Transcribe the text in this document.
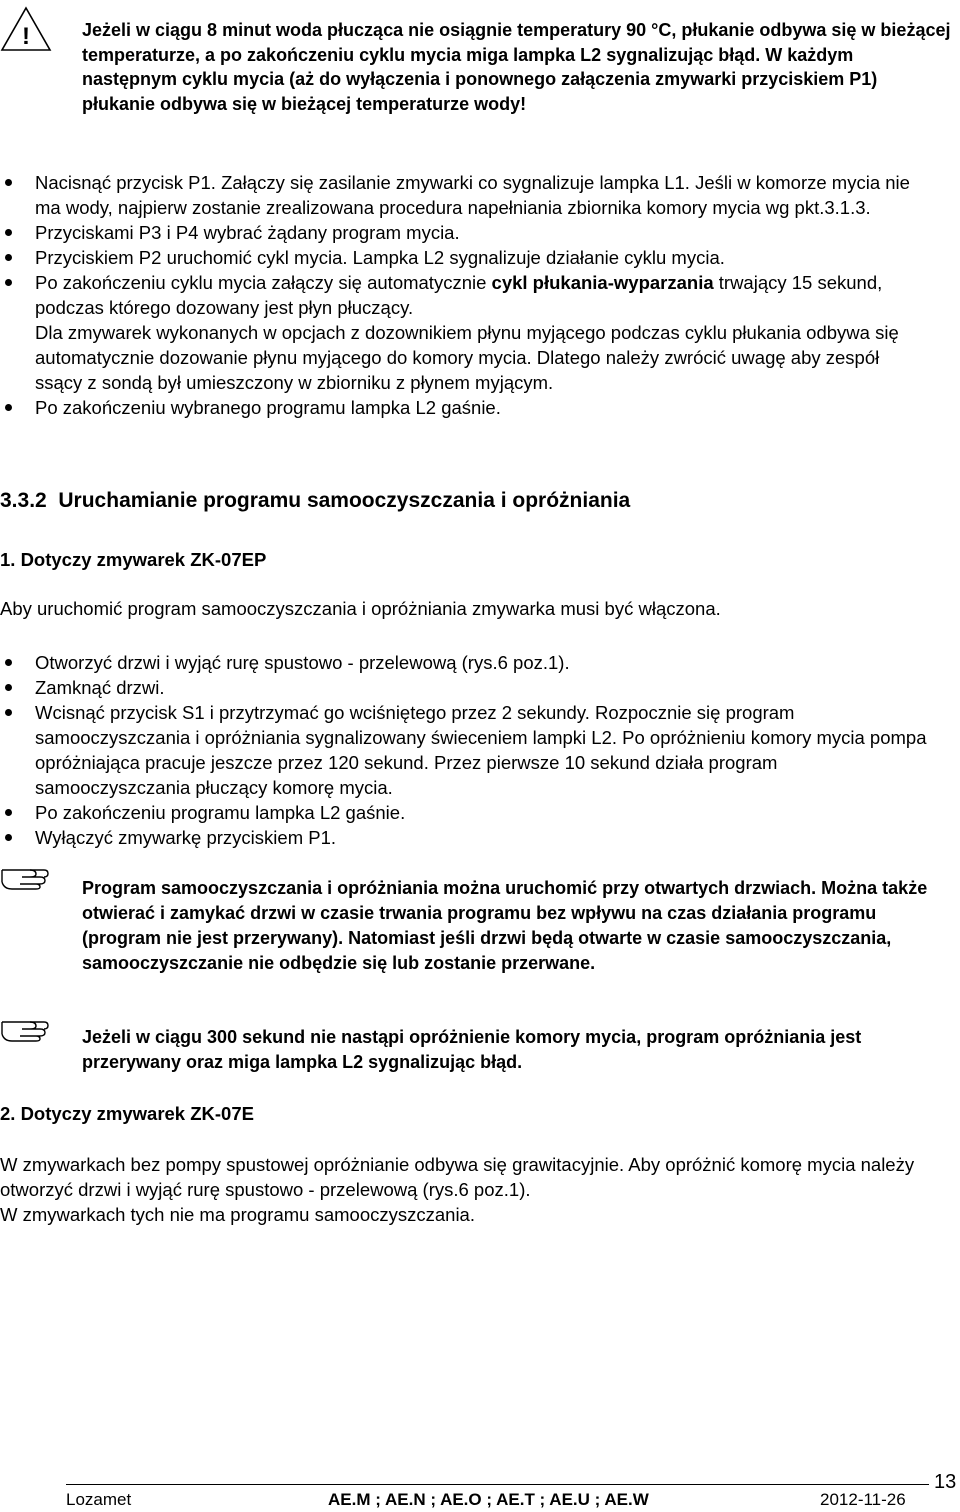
!	Jeżeli w ciągu 8 minut woda płucząca nie osiągnie temperatury 90 °C, płukanie odbywa się w bieżącej temperaturze, a po zakończeniu cyklu mycia miga lampka L2 sygnalizując błąd. W każdym następnym cyklu mycia (aż do wyłączenia i ponownego załączenia zmywarki przyciskiem P1) płukanie odbywa się w bieżącej temperaturze wody!
Nacisnąć przycisk P1. Załączy się zasilanie zmywarki co sygnalizuje lampka L1. Jeśli w komorze mycia nie ma wody, najpierw zostanie zrealizowana procedura napełniania zbiornika komory mycia wg pkt.3.1.3.
Przyciskami P3 i P4 wybrać żądany program mycia.
Przyciskiem P2 uruchomić cykl mycia. Lampka L2 sygnalizuje działanie cyklu mycia.
Po zakończeniu cyklu mycia załączy się automatycznie cykl płukania-wyparzania trwający 15 sekund, podczas którego dozowany jest płyn płuczący.
Dla zmywarek wykonanych w opcjach z dozownikiem płynu myjącego podczas cyklu płukania odbywa się automatycznie dozowanie płynu myjącego do komory mycia. Dlatego należy zwrócić uwagę aby zespół ssący z sondą był umieszczony w zbiorniku z płynem myjącym.
Po zakończeniu wybranego programu lampka L2 gaśnie.
3.3.2 Uruchamianie programu samooczyszczania i opróżniania
1. Dotyczy zmywarek ZK-07EP
Aby uruchomić program samooczyszczania i opróżniania zmywarka musi być włączona.
Otworzyć drzwi i wyjąć rurę spustowo - przelewową (rys.6 poz.1).
Zamknąć drzwi.
Wcisnąć przycisk S1 i przytrzymać go wciśniętego przez 2 sekundy. Rozpocznie się program samooczyszczania i opróżniania sygnalizowany świeceniem lampki L2. Po opróżnieniu komory mycia pompa opróżniająca pracuje jeszcze przez 120 sekund. Przez pierwsze 10 sekund działa program samooczyszczania płuczący komorę mycia.
Po zakończeniu programu lampka L2 gaśnie.
Wyłączyć zmywarkę przyciskiem P1.
Program samooczyszczania i opróżniania można uruchomić przy otwartych drzwiach. Można także otwierać i zamykać drzwi w czasie trwania programu bez wpływu na czas działania programu (program nie jest przerywany). Natomiast jeśli drzwi będą otwarte w czasie samooczyszczania, samooczyszczanie nie odbędzie się lub zostanie przerwane.
Jeżeli w ciągu 300 sekund nie nastąpi opróżnienie komory mycia, program opróżniania jest przerywany oraz miga lampka L2 sygnalizując błąd.
2. Dotyczy zmywarek ZK-07E
W zmywarkach bez pompy spustowej opróżnianie odbywa się grawitacyjnie. Aby opróżnić komorę mycia należy otworzyć drzwi i wyjąć rurę spustowo - przelewową (rys.6 poz.1).
W zmywarkach tych nie ma programu samooczyszczania.
Lozamet	AE.M ; AE.N ; AE.O ; AE.T ; AE.U ; AE.W	2012-11-26
13
